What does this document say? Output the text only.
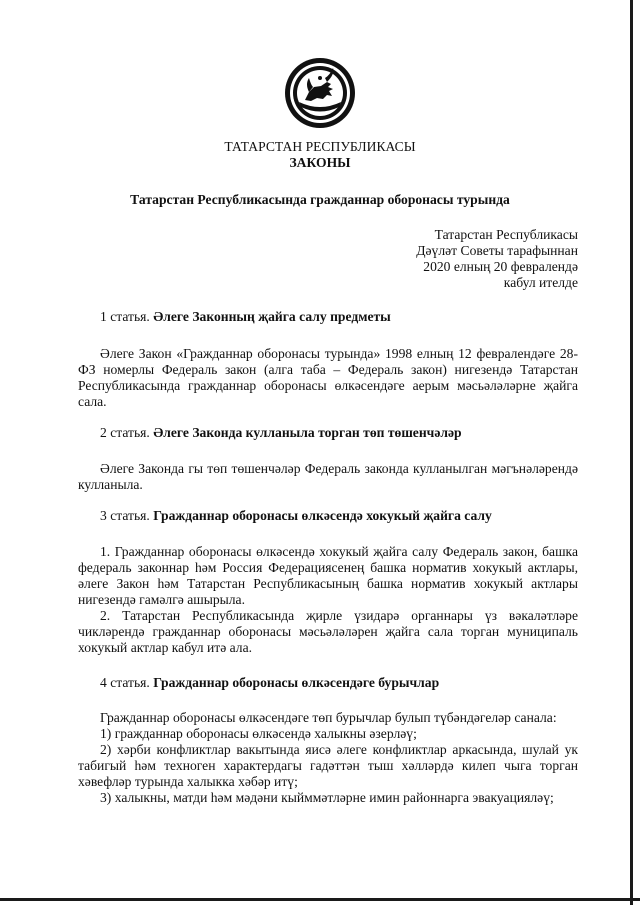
ТАТАРСТАН РЕСПУБЛИКАСЫ
ЗАКОНЫ
Татарстан Республикасында гражданнар оборонасы турында
Татарстан Республикасы
Дәүләт Советы тарафыннан
2020 елның 20 февралендә
кабул ителде
1 статья. Әлеге Законның җайга салу предметы

Әлеге Закон «Гражданнар оборонасы турында» 1998 елның 12 февралендәге 28-ФЗ номерлы Федераль закон (алга таба – Федераль закон) нигезендә Татарстан Республикасында гражданнар оборонасы өлкәсендәге аерым мәсьәләләрне җайга сала.

2 статья. Әлеге Законда кулланыла торган төп төшенчәләр

Әлеге Законда гы төп төшенчәләр Федераль законда кулланылган мәгънәләрендә кулланыла.

3 статья. Гражданнар оборонасы өлкәсендә хокукый җайга салу

1. Гражданнар оборонасы өлкәсендә хокукый җайга салу Федераль закон, башка федераль законнар һәм Россия Федерациясенең башка норматив хокукый актлары, әлеге Закон һәм Татарстан Республикасының башка норматив хокукый актлары нигезендә гамәлгә ашырыла.

2. Татарстан Республикасында җирле үзидарә органнары үз вәкаләтләре чикләрендә гражданнар оборонасы мәсьәләләрен җайга сала торган муниципаль хокукый актлар кабул итә ала.

4 статья. Гражданнар оборонасы өлкәсендәге бурычлар

Гражданнар оборонасы өлкәсендәге төп бурычлар булып түбәндәгеләр санала:

1) гражданнар оборонасы өлкәсендә халыкны әзерләү;

2) хәрби конфликтлар вакытында яисә әлеге конфликтлар аркасында, шулай ук табигый һәм техноген характердагы гадәттән тыш хәлләрдә килеп чыга торган хәвефләр турында халыкка хәбәр итү;

3) халыкны, матди һәм мәдәни кыйммәтләрне имин районнарга эвакуацияләү;
